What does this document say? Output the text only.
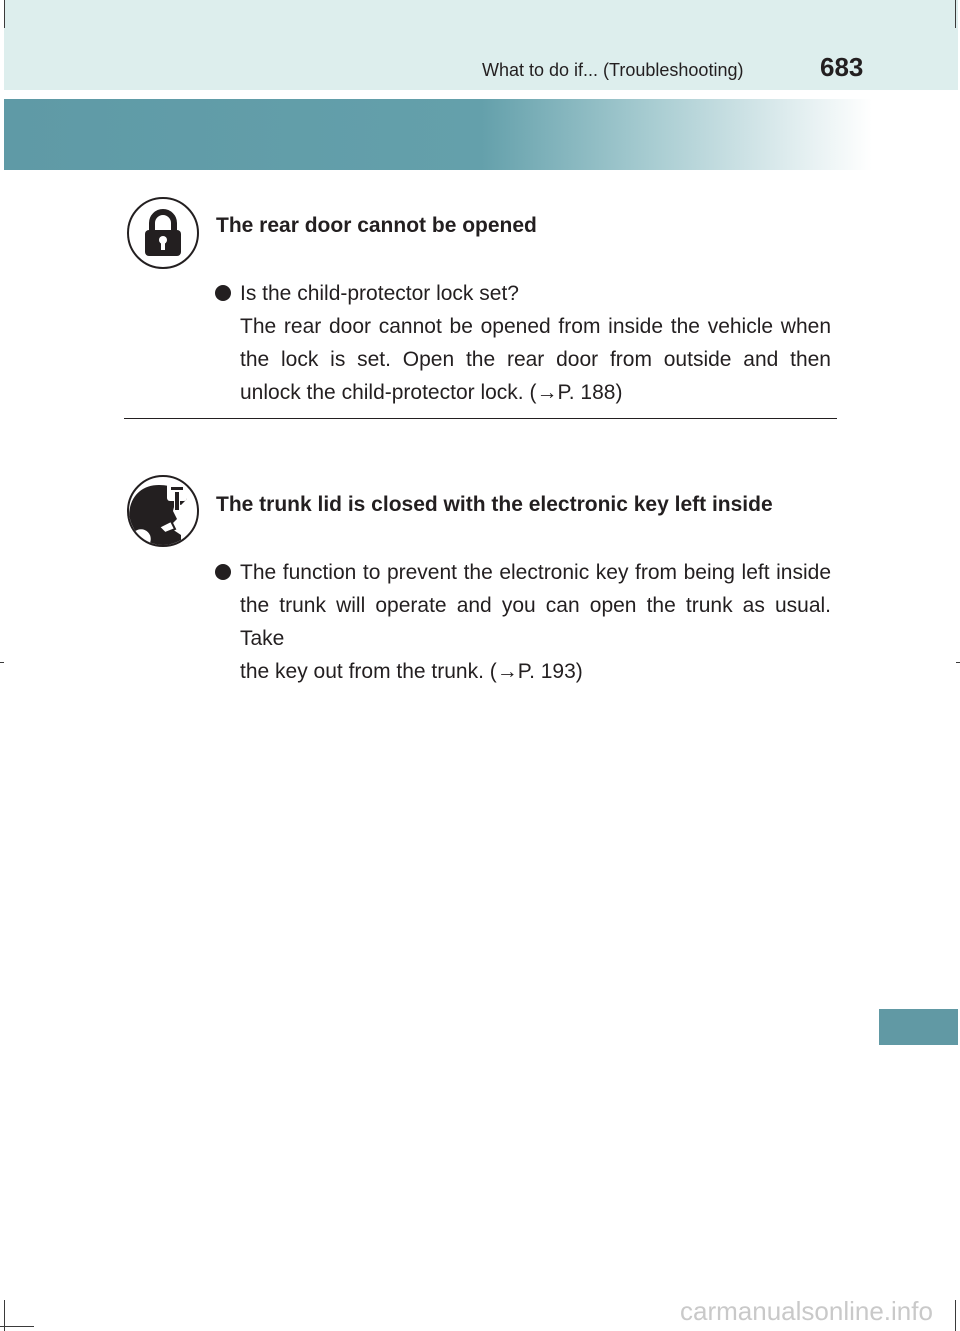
What to do if... (Troubleshooting)	683
The rear door cannot be opened
Is the child-protector lock set?
The rear door cannot be opened from inside the vehicle when
the lock is set. Open the rear door from outside and then
unlock the child-protector lock. (→P. 188)
The trunk lid is closed with the electronic key left inside
The function to prevent the electronic key from being left inside
the trunk will operate and you can open the trunk as usual. Take
the key out from the trunk. (→P. 193)
carmanualsonline.info
